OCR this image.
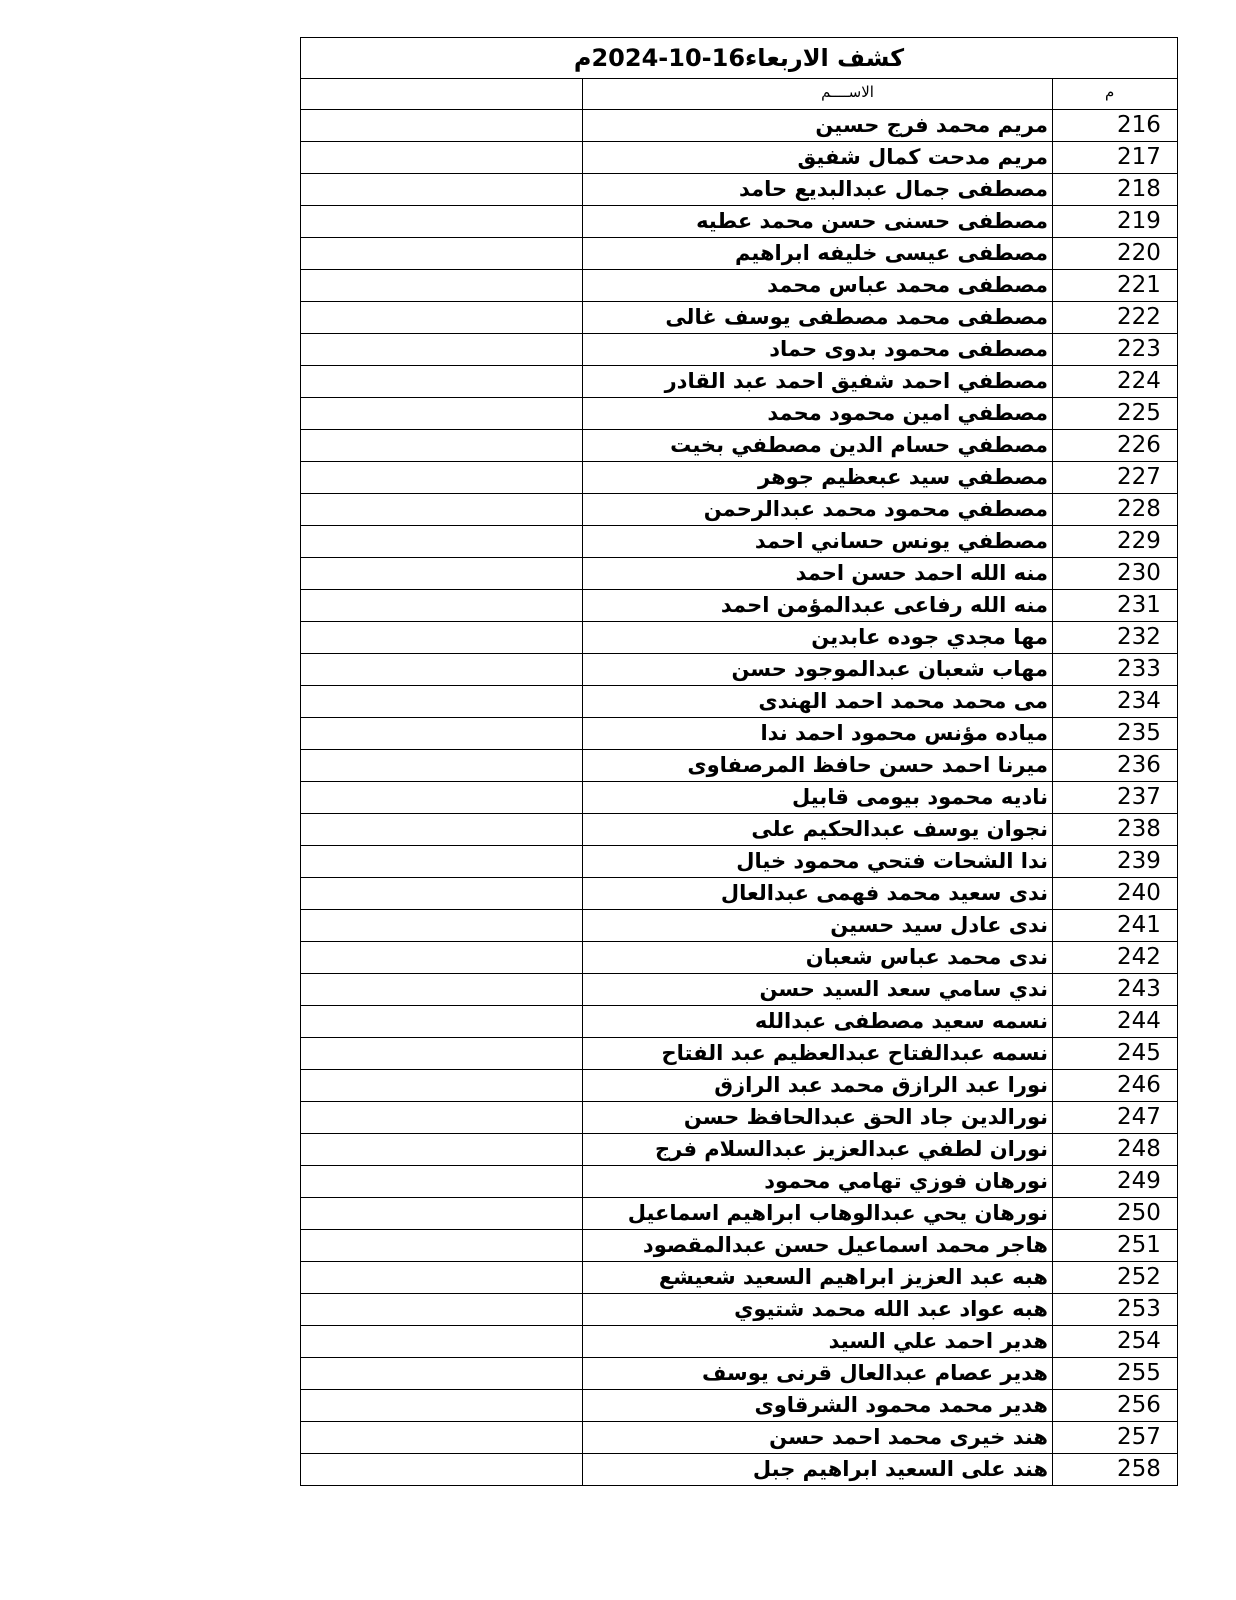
كشف الاربعاء16-10-2024م		
	الاســــم	م
	مريم محمد فرج حسين	216
	مريم مدحت كمال شفيق	217
	مصطفى جمال عبدالبديع حامد	218
	مصطفى حسنى حسن محمد عطيه	219
	مصطفى عيسى خليفه ابراهيم	220
	مصطفى محمد عباس محمد	221
	مصطفى محمد مصطفى يوسف غالى	222
	مصطفى محمود بدوى حماد	223
	مصطفي احمد شفيق احمد عبد القادر	224
	مصطفي امين محمود محمد	225
	مصطفي حسام الدين مصطفي بخيت	226
	مصطفي سيد عبعظيم جوهر	227
	مصطفي محمود محمد عبدالرحمن	228
	مصطفي يونس حساني احمد	229
	منه الله احمد حسن احمد	230
	منه الله رفاعى عبدالمؤمن احمد	231
	مها مجدي جوده عابدين	232
	مهاب شعبان عبدالموجود حسن	233
	مى محمد محمد احمد الهندى	234
	مياده مؤنس محمود احمد ندا	235
	ميرنا احمد حسن حافظ المرصفاوى	236
	ناديه محمود بيومى قابيل	237
	نجوان يوسف عبدالحكيم على	238
	ندا الشحات فتحي محمود خيال	239
	ندى سعيد محمد فهمى عبدالعال	240
	ندى عادل سيد حسين	241
	ندى محمد عباس شعبان	242
	ندي سامي سعد السيد حسن	243
	نسمه سعيد مصطفى عبدالله	244
	نسمه عبدالفتاح عبدالعظيم عبد الفتاح	245
	نورا عبد الرازق محمد عبد الرازق	246
	نورالدين جاد الحق عبدالحافظ حسن	247
	نوران لطفي عبدالعزيز عبدالسلام فرج	248
	نورهان فوزي تهامي محمود	249
	نورهان يحي عبدالوهاب ابراهيم اسماعيل	250
	هاجر محمد اسماعيل حسن عبدالمقصود	251
	هبه عبد العزيز ابراهيم السعيد شعيشع	252
	هبه عواد عبد الله محمد شتيوي	253
	هدير احمد علي السيد	254
	هدير عصام عبدالعال قرنى يوسف	255
	هدير محمد محمود الشرقاوى	256
	هند خيرى محمد احمد حسن	257
	هند على السعيد ابراهيم جبل	258
